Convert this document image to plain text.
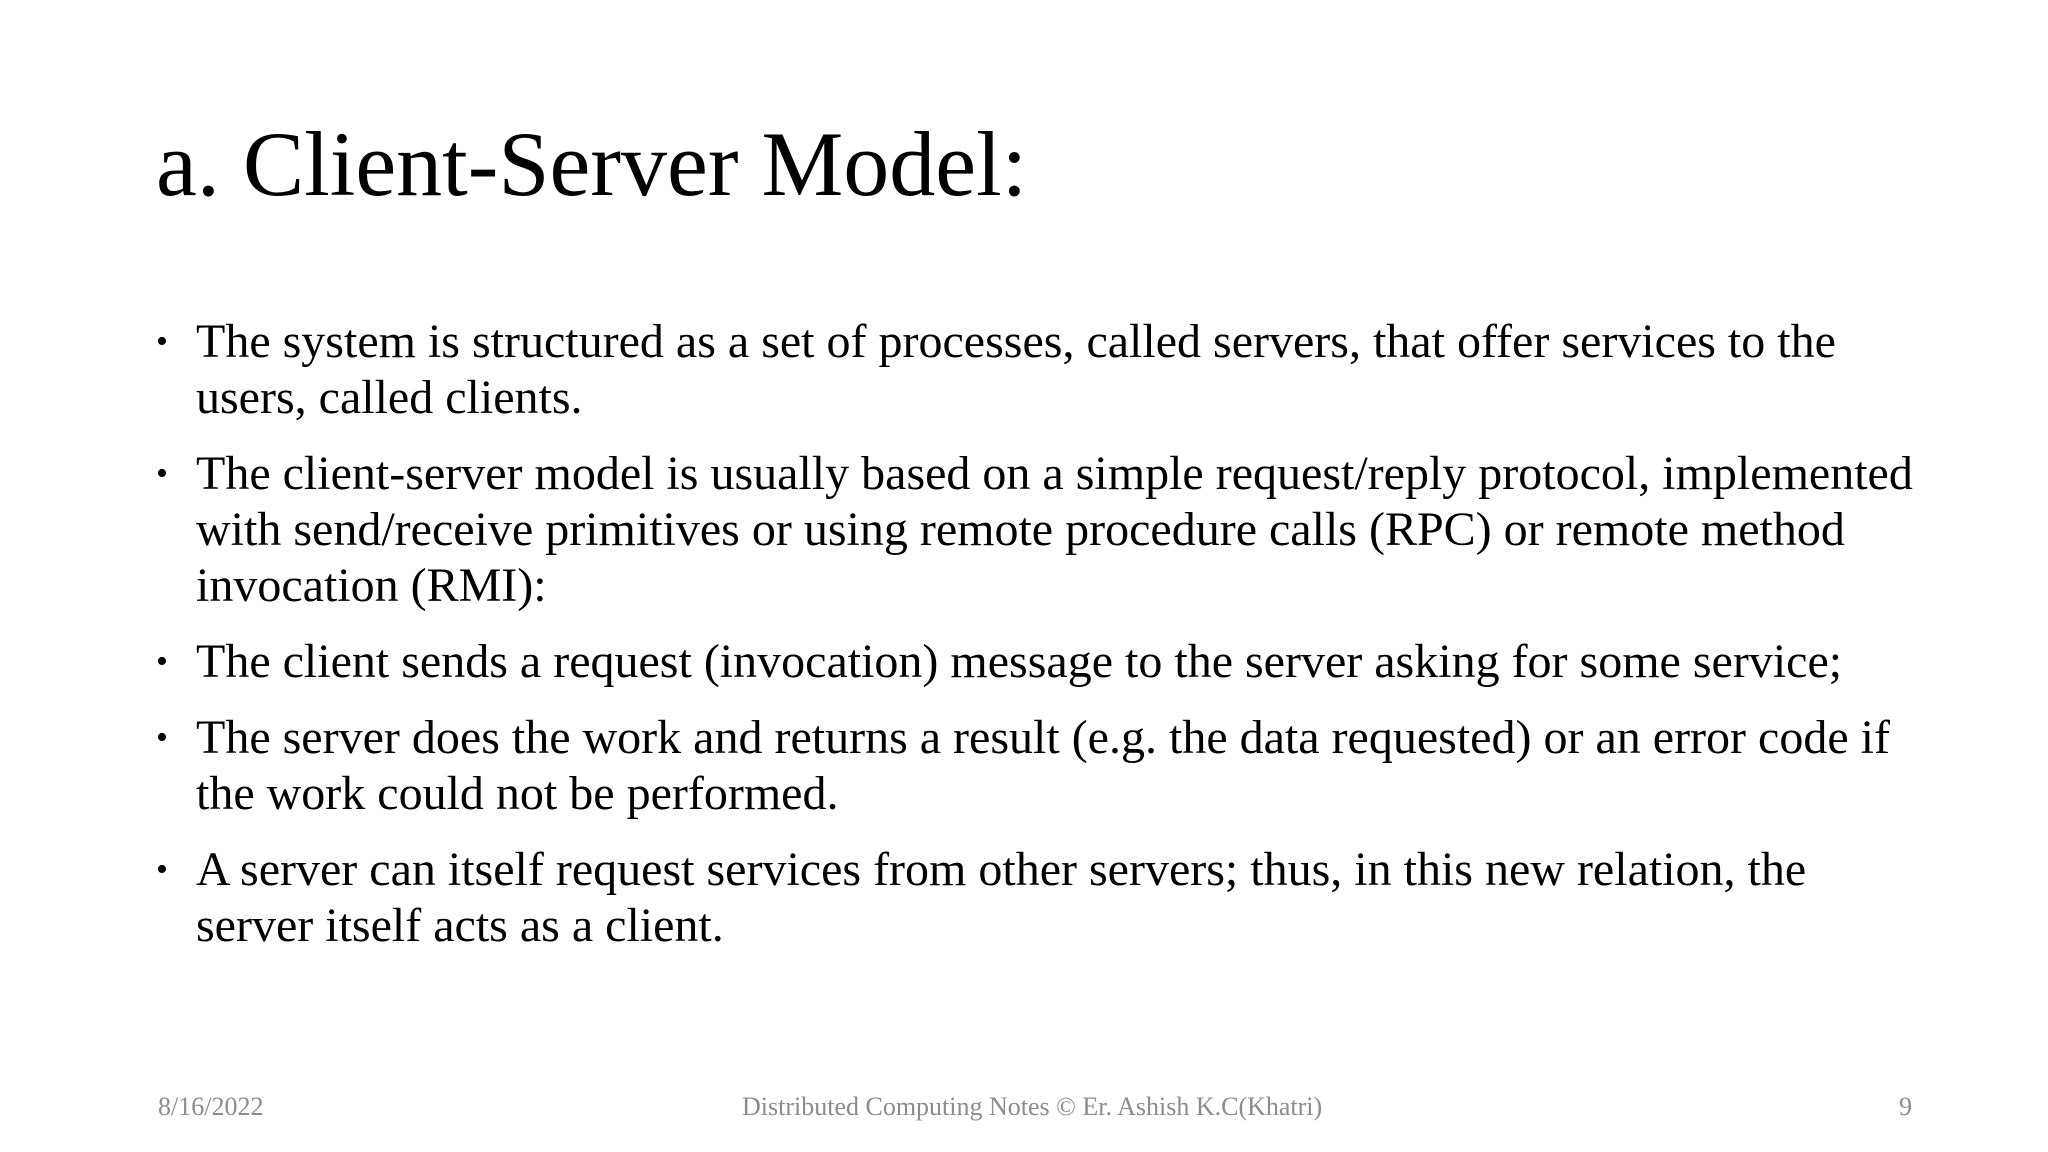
a. Client-Server Model:
• The system is structured as a set of processes, called servers, that offer services to the users, called clients.
• The client-server model is usually based on a simple request/reply protocol, implemented with send/receive primitives or using remote procedure calls (RPC) or remote method invocation (RMI):
• The client sends a request (invocation) message to the server asking for some service;
• The server does the work and returns a result (e.g. the data requested) or an error code if the work could not be performed.
• A server can itself request services from other servers; thus, in this new relation, the server itself acts as a client.
8/16/2022	Distributed Computing Notes © Er. Ashish K.C(Khatri)	9
